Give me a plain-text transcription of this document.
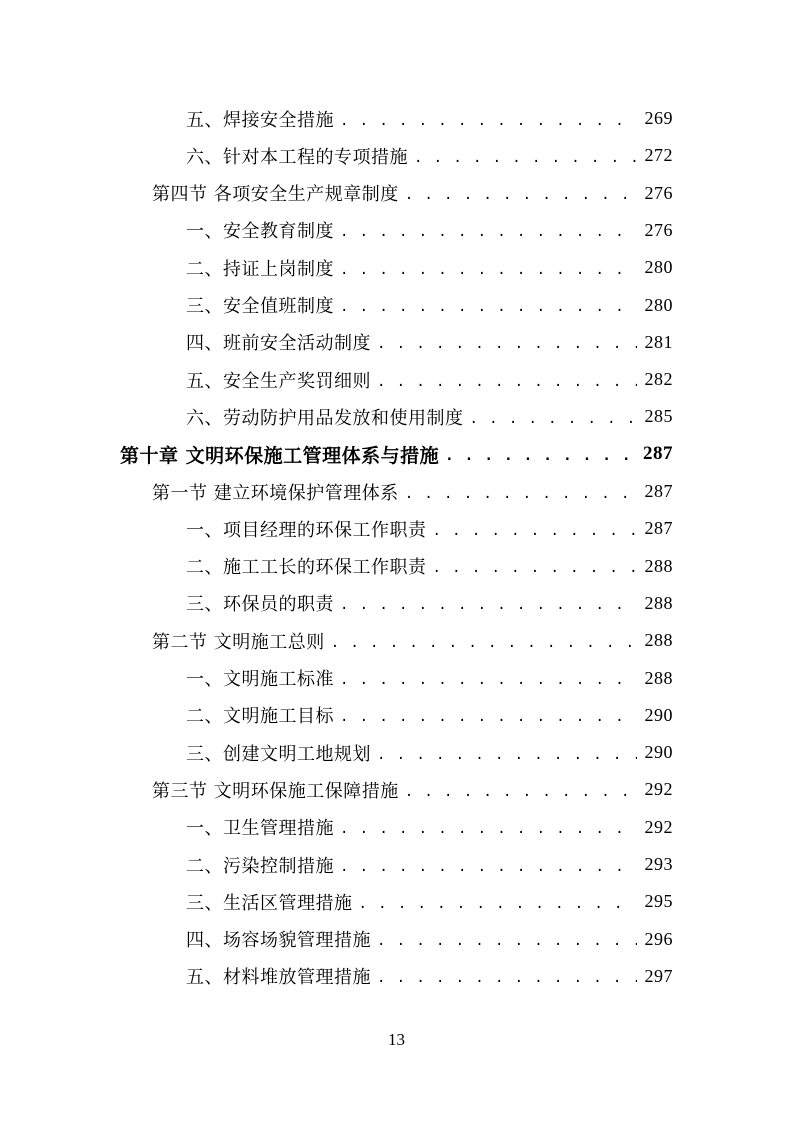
五、焊接安全措施 . . .	269
六、针对本工程的专项措施 . . .	272
第四节 各项安全生产规章制度 . . .	276
一、安全教育制度 . . .	276
二、持证上岗制度 . . .	280
三、安全值班制度 . . .	280
四、班前安全活动制度 . . .	281
五、安全生产奖罚细则 . . .	282
六、劳动防护用品发放和使用制度 . . .	285
第十章 文明环保施工管理体系与措施 . . .	287
第一节 建立环境保护管理体系 . . .	287
一、项目经理的环保工作职责 . . .	287
二、施工工长的环保工作职责 . . .	288
三、环保员的职责 . . .	288
第二节 文明施工总则 . . .	288
一、文明施工标准 . . .	288
二、文明施工目标 . . .	290
三、创建文明工地规划 . . .	290
第三节 文明环保施工保障措施 . . .	292
一、卫生管理措施 . . .	292
二、污染控制措施 . . .	293
三、生活区管理措施 . . .	295
四、场容场貌管理措施 . . .	296
五、材料堆放管理措施 . . .	297
13
